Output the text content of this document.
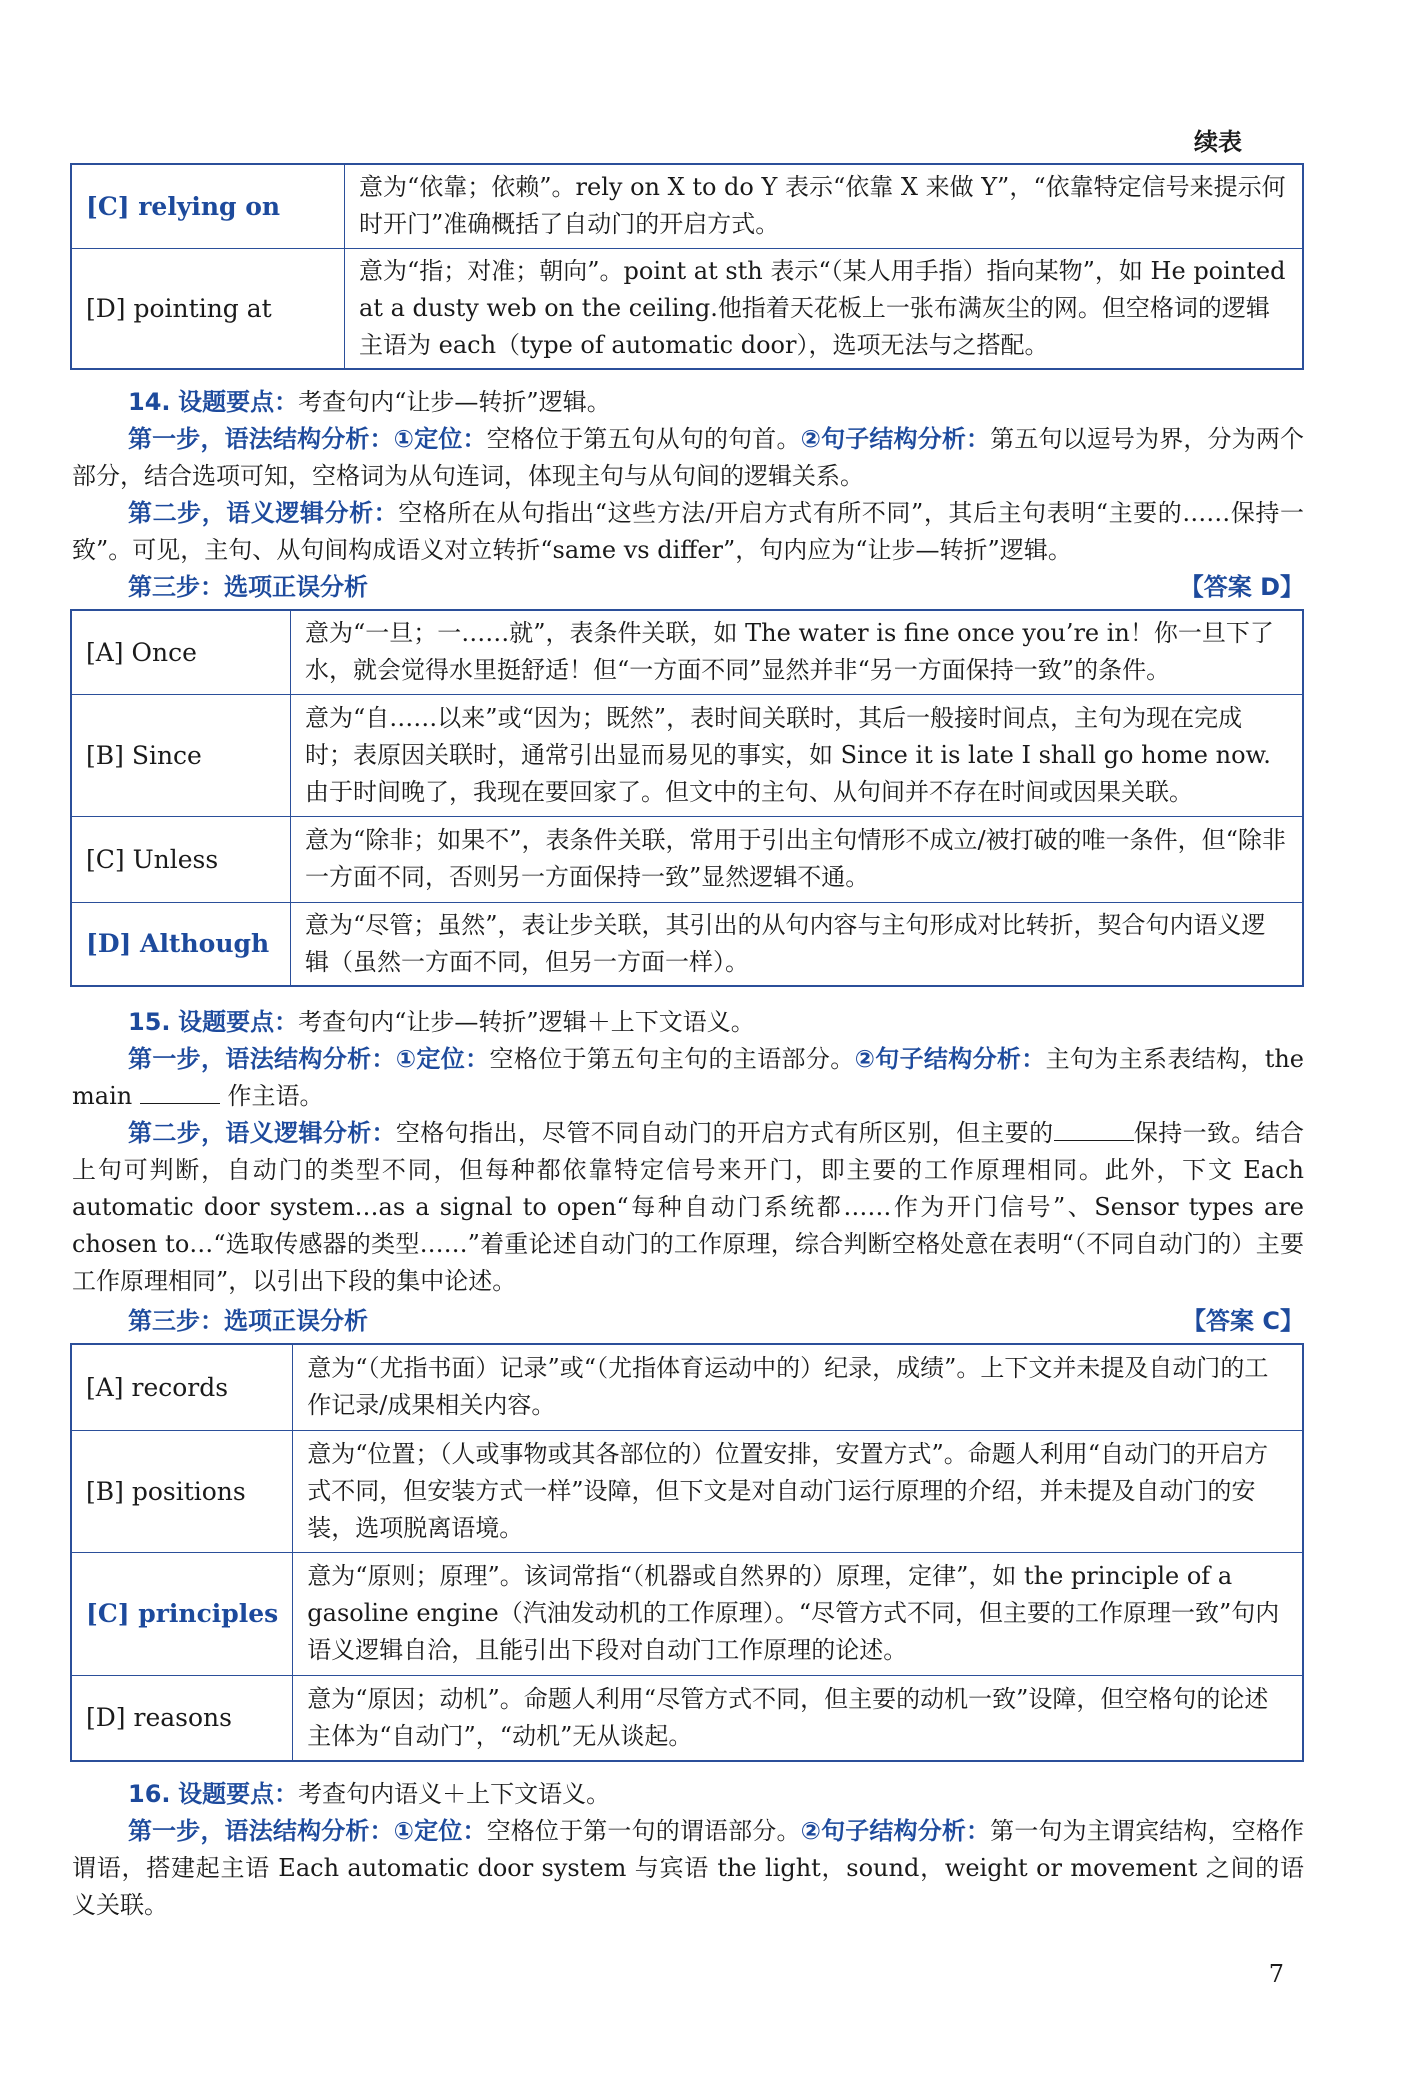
续表
[C] relying on	意为“依靠；依赖”。rely on X to do Y 表示“依靠 X 来做 Y”，“依靠特定信号来提示何时开门”准确概括了自动门的开启方式。
[D] pointing at	意为“指；对准；朝向”。point at sth 表示“（某人用手指）指向某物”，如 He pointed at a dusty web on the ceiling.他指着天花板上一张布满灰尘的网。但空格词的逻辑主语为 each（type of automatic door），选项无法与之搭配。
14. 设题要点：考查句内“让步—转折”逻辑。
第一步，语法结构分析：①定位：空格位于第五句从句的句首。②句子结构分析：第五句以逗号为界，分为两个部分，结合选项可知，空格词为从句连词，体现主句与从句间的逻辑关系。
第二步，语义逻辑分析：空格所在从句指出“这些方法/开启方式有所不同”，其后主句表明“主要的……保持一致”。可见，主句、从句间构成语义对立转折“same vs differ”，句内应为“让步—转折”逻辑。
第三步：选项正误分析	【答案 D】
[A] Once	意为“一旦；一……就”，表条件关联，如 The water is fine once you’re in！你一旦下了水，就会觉得水里挺舒适！但“一方面不同”显然并非“另一方面保持一致”的条件。
[B] Since	意为“自……以来”或“因为；既然”，表时间关联时，其后一般接时间点，主句为现在完成时；表原因关联时，通常引出显而易见的事实，如 Since it is late I shall go home now.由于时间晚了，我现在要回家了。但文中的主句、从句间并不存在时间或因果关联。
[C] Unless	意为“除非；如果不”，表条件关联，常用于引出主句情形不成立/被打破的唯一条件，但“除非一方面不同，否则另一方面保持一致”显然逻辑不通。
[D] Although	意为“尽管；虽然”，表让步关联，其引出的从句内容与主句形成对比转折，契合句内语义逻辑（虽然一方面不同，但另一方面一样）。
15. 设题要点：考查句内“让步—转折”逻辑＋上下文语义。
第一步，语法结构分析：①定位：空格位于第五句主句的主语部分。②句子结构分析：主句为主系表结构，the main	作主语。
第二步，语义逻辑分析：空格句指出，尽管不同自动门的开启方式有所区别，但主要的	保持一致。结合上句可判断，自动门的类型不同，但每种都依靠特定信号来开门，即主要的工作原理相同。此外，下文 Each automatic door system…as a signal to open“每种自动门系统都……作为开门信号”、Sensor types are chosen to…“选取传感器的类型……”着重论述自动门的工作原理，综合判断空格处意在表明“（不同自动门的）主要工作原理相同”，以引出下段的集中论述。
第三步：选项正误分析	【答案 C】
[A] records	意为“（尤指书面）记录”或“（尤指体育运动中的）纪录，成绩”。上下文并未提及自动门的工作记录/成果相关内容。
[B] positions	意为“位置；（人或事物或其各部位的）位置安排，安置方式”。命题人利用“自动门的开启方式不同，但安装方式一样”设障，但下文是对自动门运行原理的介绍，并未提及自动门的安装，选项脱离语境。
[C] principles	意为“原则；原理”。该词常指“（机器或自然界的）原理，定律”，如 the principle of a gasoline engine（汽油发动机的工作原理）。“尽管方式不同，但主要的工作原理一致”句内语义逻辑自洽，且能引出下段对自动门工作原理的论述。
[D] reasons	意为“原因；动机”。命题人利用“尽管方式不同，但主要的动机一致”设障，但空格句的论述主体为“自动门”，“动机”无从谈起。
16. 设题要点：考查句内语义＋上下文语义。
第一步，语法结构分析：①定位：空格位于第一句的谓语部分。②句子结构分析：第一句为主谓宾结构，空格作谓语，搭建起主语 Each automatic door system 与宾语 the light，sound，weight or movement 之间的语义关联。
7
